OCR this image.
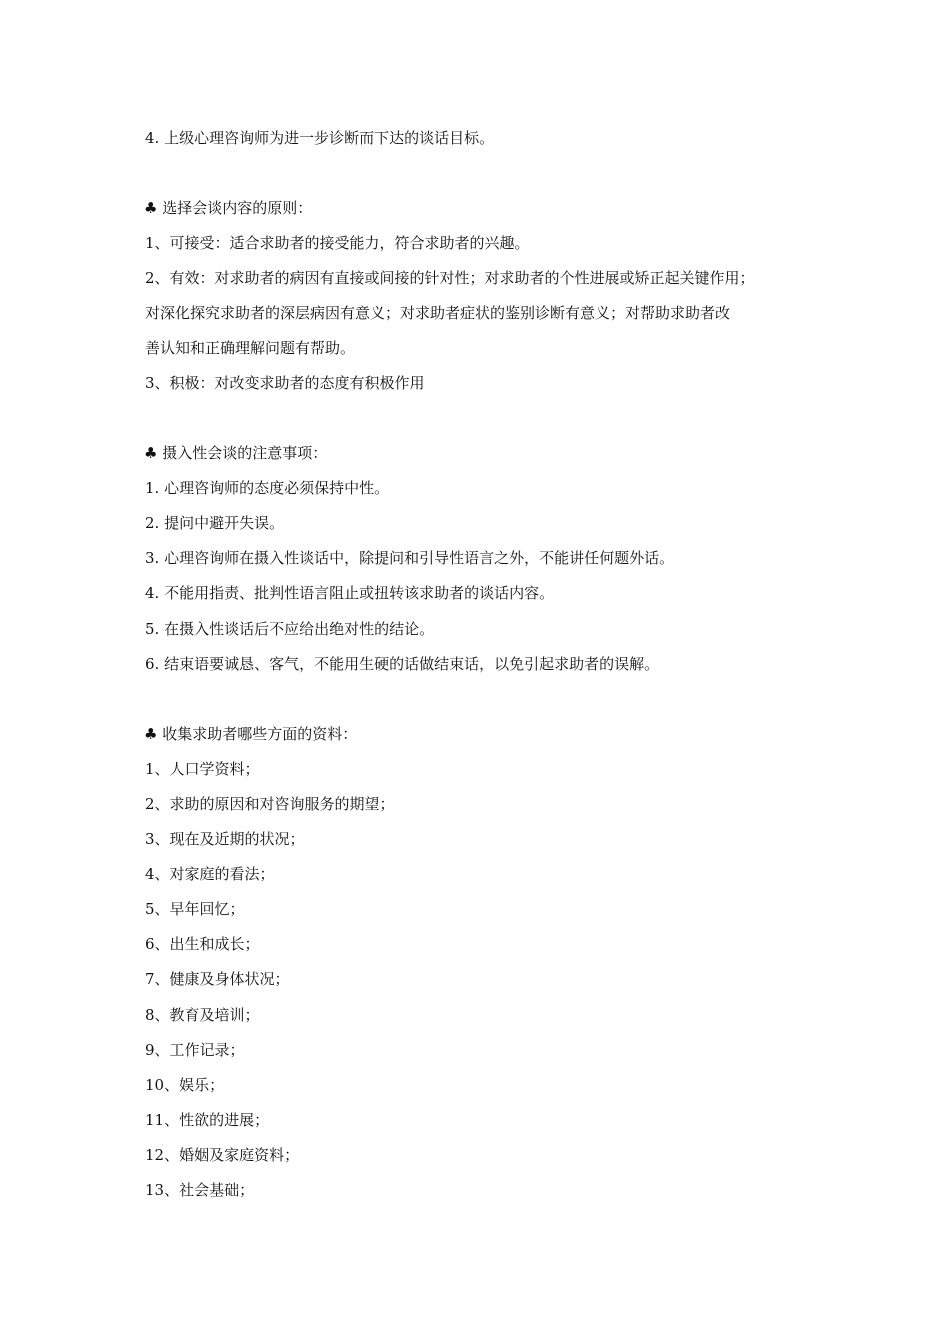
4. 上级心理咨询师为进一步诊断而下达的谈话目标。
♣ 选择会谈内容的原则：
1、可接受：适合求助者的接受能力，符合求助者的兴趣。
2、有效：对求助者的病因有直接或间接的针对性；对求助者的个性进展或矫正起关键作用；
对深化探究求助者的深层病因有意义；对求助者症状的鉴别诊断有意义；对帮助求助者改
善认知和正确理解问题有帮助。
3、积极：对改变求助者的态度有积极作用
♣ 摄入性会谈的注意事项：
1. 心理咨询师的态度必须保持中性。
2. 提问中避开失误。
3. 心理咨询师在摄入性谈话中，除提问和引导性语言之外，不能讲任何题外话。
4. 不能用指责、批判性语言阻止或扭转该求助者的谈话内容。
5. 在摄入性谈话后不应给出绝对性的结论。
6. 结束语要诚恳、客气，不能用生硬的话做结束话，以免引起求助者的误解。
♣ 收集求助者哪些方面的资料：
1、人口学资料；
2、求助的原因和对咨询服务的期望；
3、现在及近期的状况；
4、对家庭的看法；
5、早年回忆；
6、出生和成长；
7、健康及身体状况；
8、教育及培训；
9、工作记录；
10、娱乐；
11、性欲的进展；
12、婚姻及家庭资料；
13、社会基础；
